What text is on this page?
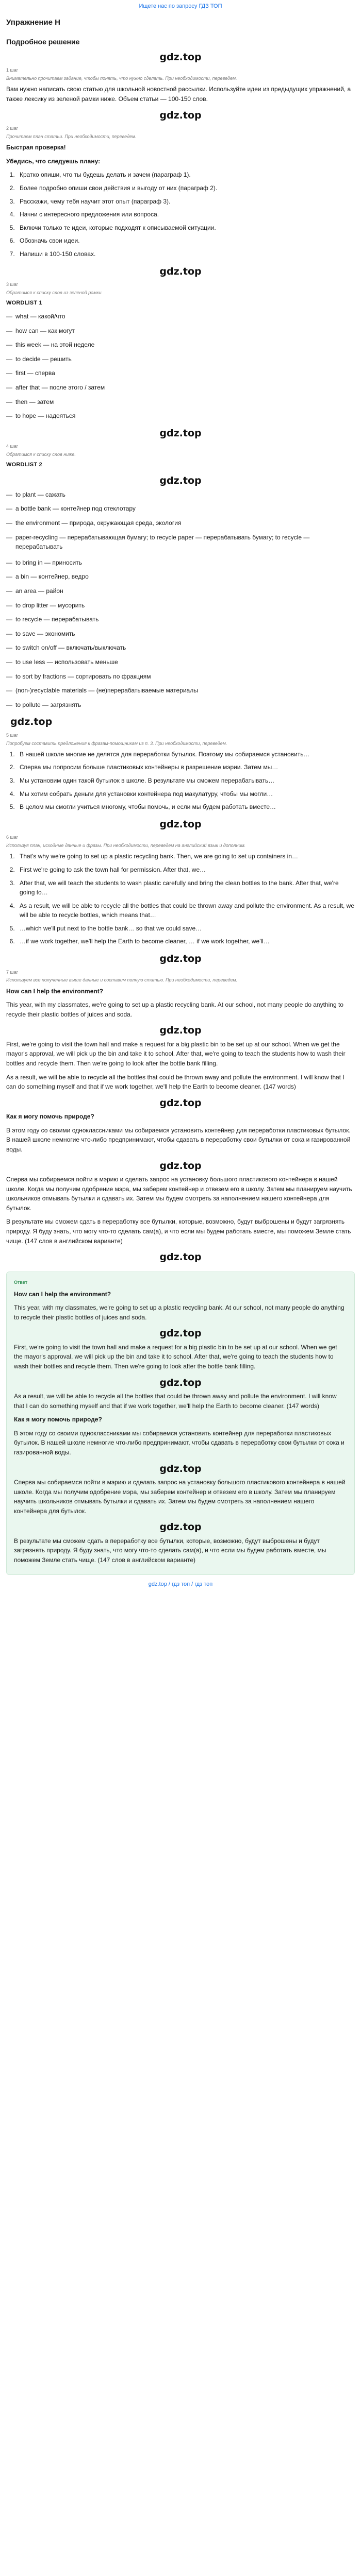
Ищете нас по запросу ГДЗ ТОП
Упражнение H
Подробное решение
gdz.top
1 шаг
Внимательно прочитаем задание, чтобы понять, что нужно сделать. При необходимости, переведем.

Вам нужно написать свою статью для школьной новостной рассылки. Используйте идеи из предыдущих упражнений, а также лексику из зеленой рамки ниже. Объем статьи — 100-150 слов.

gdz.top
2 шаг
Прочитаем план статьи. При необходимости, переведем.

Быстрая проверка!

Убедись, что следуешь плану:

1. Кратко опиши, что ты будешь делать и зачем (параграф 1).
2. Более подробно опиши свои действия и выгоду от них (параграф 2).
3. Расскажи, чему тебя научит этот опыт (параграф 3).
4. Начни с интересного предложения или вопроса.
5. Включи только те идеи, которые подходят к описываемой ситуации.
6. Обозначь свои идеи.
7. Напиши в 100-150 словах.
gdz.top
3 шаг
Обратимся к списку слов из зеленой рамки.
WORDLIST 1
— what — какой/что
— how can — как могут
— this week — на этой неделе
— to decide — решить
— first — сперва
— after that — после этого / затем
— then — затем
— to hope — надеяться
gdz.top
4 шаг
Обратимся к списку слов ниже.
WORDLIST 2
gdz.top
— to plant — сажать
— a bottle bank — контейнер под стеклотару
— the environment — природа, окружающая среда, экология
— paper-recycling — перерабатывающая бумагу; to recycle paper — перерабатывать бумагу; to recycle — перерабатывать
— to bring in — приносить
— a bin — контейнер, ведро
— an area — район
— to drop litter — мусорить
— to recycle — перерабатывать
— to save — экономить
— to switch on/off — включать/выключать
— to use less — использовать меньше
— to sort by fractions — сортировать по фракциям
— (non-)recyclable materials — (не)перерабатываемые материалы
— to pollute — загрязнять
gdz.top
5 шаг
Попробуем составить предложения к фразам-помощникам из п. 3. При необходимости, переведем.
1. В нашей школе многие не делятся для переработки бутылок. Поэтому мы собираемся установить…
2. Сперва мы попросим больше пластиковых контейнеры в разрешение мэрии. Затем мы…
3. Мы установим один такой бутылок в школе. В результате мы сможем перерабатывать…
4. Мы хотим собрать деньги для установки контейнера под макулатуру, чтобы мы могли…
5. В целом мы смогли учиться многому, чтобы помочь, и если мы будем работать вместе…
gdz.top
6 шаг
Используя план, исходные данные и фразы. При необходимости, переведем на английский язык и дополним.
1. That's why we're going to set up a plastic recycling bank. Then, we are going to set up containers in…
2. First we're going to ask the town hall for permission. After that, we…
3. After that, we will teach the students to wash plastic carefully and bring the clean bottles to the bank. After that, we're going to…
4. As a result, we will be able to recycle all the bottles that could be thrown away and pollute the environment. As a result, we will be able to recycle bottles, which means that…
5. …which we'll put next to the bottle bank… so that we could save…
6. …if we work together, we'll help the Earth to become cleaner, … if we work together, we'll…
gdz.top
7 шаг
Используем все полученные выше данные и составим полную статью. При необходимости, переведем.

How can I help the environment?

This year, with my classmates, we're going to set up a plastic recycling bank. At our school, not many people do anything to recycle their plastic bottles of juices and soda.

gdz.top

First, we're going to visit the town hall and make a request for a big plastic bin to be set up at our school. When we get the mayor's approval, we will pick up the bin and take it to school. After that, we're going to teach the students how to wash their bottles and recycle them. Then we're going to look after the bottle bank filling.

As a result, we will be able to recycle all the bottles that could be thrown away and pollute the environment. I will know that I can do something myself and that if we work together, we'll help the Earth to become cleaner. (147 words)

gdz.top

Как я могу помочь природе?

В этом году со своими одноклассниками мы собираемся установить контейнер для переработки пластиковых бутылок. В нашей школе немногие что-либо предпринимают, чтобы сдавать в переработку свои бутылки от сока и газированной воды.

gdz.top

Сперва мы собираемся пойти в мэрию и сделать запрос на установку большого пластикового контейнера в нашей школе. Когда мы получим одобрение мэра, мы заберем контейнер и отвезем его в школу. Затем мы планируем научить школьников отмывать бутылки и сдавать их. Затем мы будем смотреть за наполнением нашего контейнера для бутылок.

В результате мы сможем сдать в переработку все бутылки, которые, возможно, будут выброшены и будут загрязнять природу. Я буду знать, что могу что-то сделать сам(а), и что если мы будем работать вместе, мы поможем Земле стать чище. (147 слов в английском варианте)

gdz.top
Ответ

How can I help the environment?

This year, with my classmates, we're going to set up a plastic recycling bank. At our school, not many people do anything to recycle their plastic bottles of juices and soda.

gdz.top

First, we're going to visit the town hall and make a request for a big plastic bin to be set up at our school. When we get the mayor's approval, we will pick up the bin and take it to school. After that, we're going to teach the students how to wash their bottles and recycle them. Then we're going to look after the bottle bank filling.

gdz.top

As a result, we will be able to recycle all the bottles that could be thrown away and pollute the environment. I will know that I can do something myself and that if we work together, we'll help the Earth to become cleaner. (147 words)

Как я могу помочь природе?

В этом году со своими одноклассниками мы собираемся установить контейнер для переработки пластиковых бутылок. В нашей школе немногие что-либо предпринимают, чтобы сдавать в переработку свои бутылки от сока и газированной воды.

gdz.top

Сперва мы собираемся пойти в мэрию и сделать запрос на установку большого пластикового контейнера в нашей школе. Когда мы получим одобрение мэра, мы заберем контейнер и отвезем его в школу. Затем мы планируем научить школьников отмывать бутылки и сдавать их. Затем мы будем смотреть за наполнением нашего контейнера для бутылок.

gdz.top

В результате мы сможем сдать в переработку все бутылки, которые, возможно, будут выброшены и будут загрязнять природу. Я буду знать, что могу что-то сделать сам(а), и что если мы будем работать вместе, мы поможем Земле стать чище. (147 слов в английском варианте)

gdz.top / гдз топ / гдз топ
